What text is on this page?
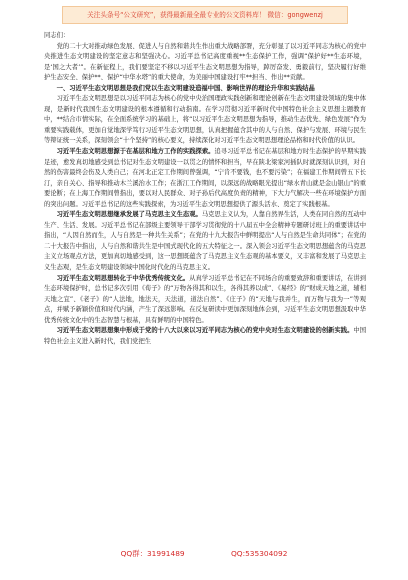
关注头条号“公文研究”，获得最新最全最专业的公文资料库！ 微信：gongwenzj

同志们：

党的二十大对推动绿色发展、促进人与自然和谐共生作出重大战略部署，充分彰显了以习近平同志为核心的党中央推进生态文明建设的坚定意志和坚强决心。习近平总书记高度重视**生态保护工作，强调“保护好**生态环境，是‘国之大者’”。在新征程上，我们要坚定不移以习近平生态文明思想为指导，踔厉奋发、勇毅前行，坚决履行好维护生态安全、保护**、保护“中华水塔”的重大使命，为美丽中国建设打牢**担当、作出**贡献。

一、习近平生态文明思想是我们党以生态文明建设造福中国、影响世界的理论升华和实践结晶

习近平生态文明思想是以习近平同志为核心的党中央治国理政实践创新和理论创新在生态文明建设领域的集中体现，是新时代我国生态文明建设的根本遵循和行动指南。在学习贯彻习近平新时代中国特色社会主义思想主题教育中，**结合市情实际，在全面系统学习的基础上，将“以习近平生态文明思想为指导，推动生态优先、绿色发展”作为重要实践载体，更加自觉地深学笃行习近平生态文明思想，认真把握蕴含其中的人与自然、保护与发展、环境与民生等辩证统一关系，深刻领会“十个坚持”的核心要义，持续深化对习近平生态文明思想理论品格和时代价值的认识。

习近平生态文明思想源于在基层和地方工作的实践探索。追寻习近平总书记在基层和地方时生态保护的早期实践足迹，愈发真切地感受到总书记对生态文明建设一以贯之的情怀和担当，早在陕北梁家河插队时就深刻认识到，对自然的伤害最终会伤及人类自己；在河北正定工作期间曾强调，“宁肯不要钱，也不要污染”；在福建工作期间曾五下长汀，亲自关心、指导和推动木兰溪治水工作；在浙江工作期间，以深远的战略眼光提出“绿水青山就是金山银山”的重要论断；在上海工作期间曾指出，要以对人民群众、对子孙后代高度负责的精神，下大力气解决一些在环境保护方面的突出问题。习近平总书记的这些实践探索，为习近平生态文明思想提供了源头活水、奠定了实践根基。

习近平生态文明思想继承发展了马克思主义生态观。马克思主义认为，人靠自然界生活，人类在同自然的互动中生产、生活、发展。习近平总书记在部级主要领导干部学习贯彻党的十八届五中全会精神专题研讨班上的重要讲话中指出，“人因自然而生，人与自然是一种共生关系”；在党的十九大报告中鲜明提出“人与自然是生命共同体”；在党的二十大报告中指出，人与自然和谐共生是中国式现代化的五大特征之一。深入领会习近平生态文明思想蕴含的马克思主义立场观点方法，更加真切地感受到，这一思想既蕴含了马克思主义生态观的基本要义，又丰富和发展了马克思主义生态观，是生态文明建设领域中国化时代化的马克思主义。

习近平生态文明思想转化于中华优秀传统文化。从真学习近平总书记在不同场合的重要致辞和重要讲话，在讲到生态环境保护时，总书记多次引用《荀子》的“万物各得其和以生，各得其养以成”、《易经》的“财成天地之道，辅相天地之宜”、《老子》的“人法地，地法天，天法道，道法自然”、《庄子》的“天地与我并生，而万物与我为一”等观点，并赋予新颖价值和时代内涵，产生了深远影响。在反复研读中更加深刻地体会到，习近平生态文明思想汲取中华优秀传统文化中的生态智慧与根基，具有鲜明的中国特色。

习近平生态文明思想集中形成于党的十八大以来以习近平同志为核心的党中央对生态文明建设的创新实践。中国特色社会主义进入新时代，我们党把生

QQ群：31991489	QQ:535304092
